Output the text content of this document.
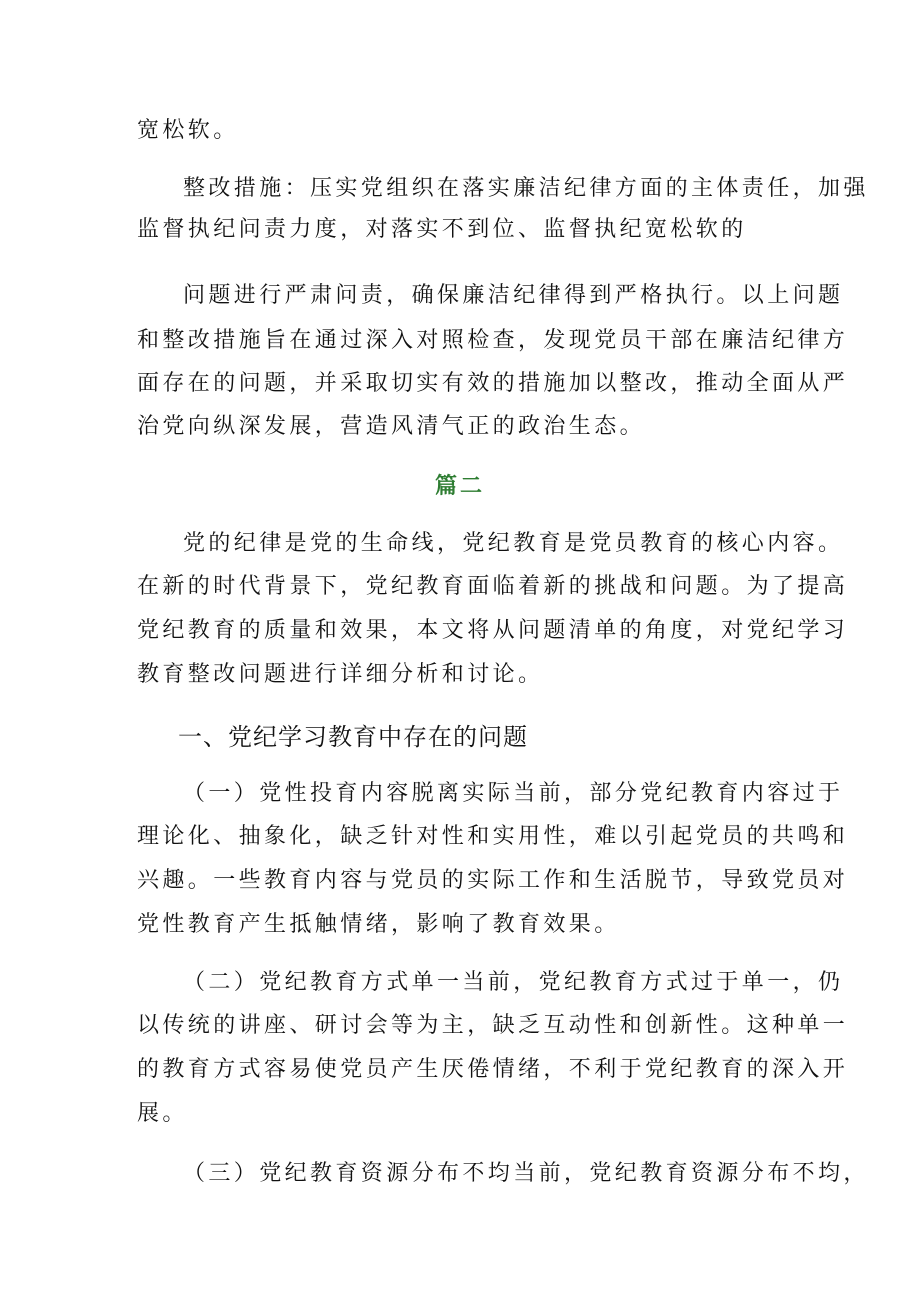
宽松软。
整改措施：压实党组织在落实廉洁纪律方面的主体责任，加强
监督执纪问责力度，对落实不到位、监督执纪宽松软的
问题进行严肃问责，确保廉洁纪律得到严格执行。以上问题
和整改措施旨在通过深入对照检查，发现党员干部在廉洁纪律方
面存在的问题，并采取切实有效的措施加以整改，推动全面从严
治党向纵深发展，营造风清气正的政治生态。
篇二
党的纪律是党的生命线，党纪教育是党员教育的核心内容。
在新的时代背景下，党纪教育面临着新的挑战和问题。为了提高
党纪教育的质量和效果，本文将从问题清单的角度，对党纪学习
教育整改问题进行详细分析和讨论。
一、党纪学习教育中存在的问题
（一）党性投育内容脱离实际当前，部分党纪教育内容过于
理论化、抽象化，缺乏针对性和实用性，难以引起党员的共鸣和
兴趣。一些教育内容与党员的实际工作和生活脱节，导致党员对
党性教育产生抵触情绪，影响了教育效果。
（二）党纪教育方式单一当前，党纪教育方式过于单一，仍
以传统的讲座、研讨会等为主，缺乏互动性和创新性。这种单一
的教育方式容易使党员产生厌倦情绪，不利于党纪教育的深入开
展。
（三）党纪教育资源分布不均当前，党纪教育资源分布不均，
